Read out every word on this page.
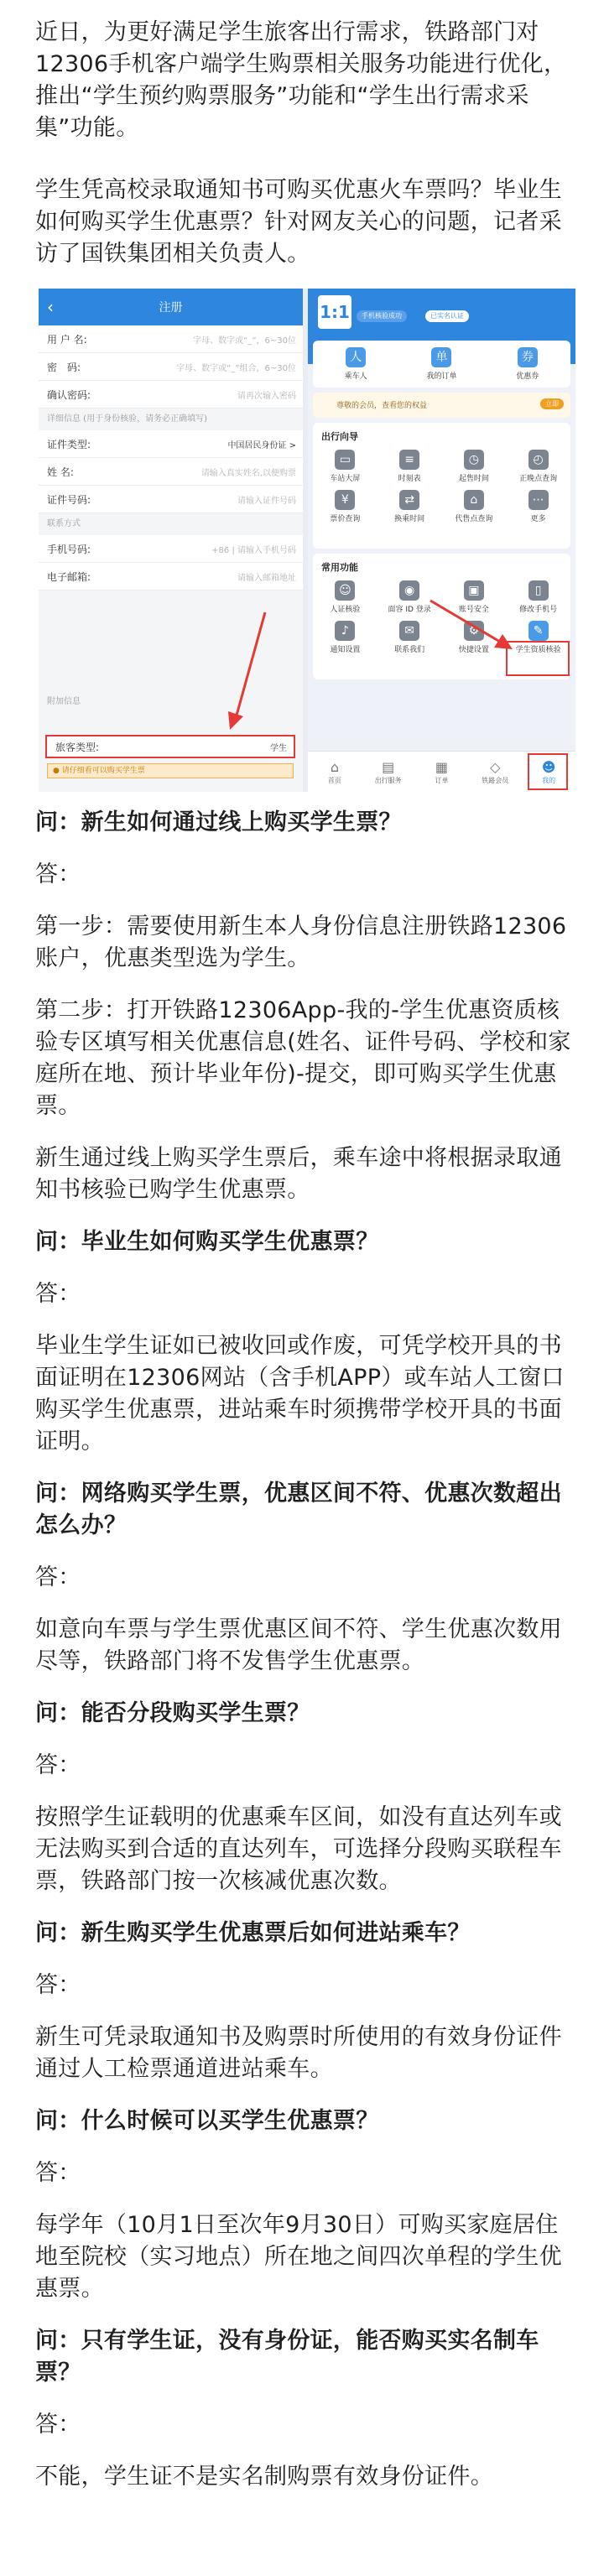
近日，为更好满足学生旅客出行需求，铁路部门对12306手机客户端学生购票相关服务功能进行优化，推出“学生预约购票服务”功能和“学生出行需求采集”功能。

学生凭高校录取通知书可购买优惠火车票吗？毕业生如何购买学生优惠票？针对网友关心的问题，记者采访了国铁集团相关负责人。

‹	注册
用 户 名:	字母、数字或“_”，6~30位
密　码:	字母、数字或“_”组合，6~30位
确认密码:	请再次输入密码
详细信息 (用于身份核验，请务必正确填写)
证件类型:	中国居民身份证 >
姓 名:	请输入真实姓名,以便购票
证件号码:	请输入证件号码
联系方式
手机号码:	+86 | 请输入手机号码
电子邮箱:	请输入邮箱地址
附加信息
旅客类型:	学生
● 请仔细看可以购买学生票
1:1	手机核验成功	已实名认证
人
乘车人
单
我的订单
券
优惠券
尊敬的会员，查看您的权益	立即
出行向导
▭
车站大屏
≡
时刻表
◷
起售时间
◴
正晚点查询
¥
票价查询
⇄
换乘时间
⌂
代售点查询
⋯
更多
常用功能
☺
人证核验
◉
面容 ID 登录
▣
账号安全
▯
修改手机号
♪
通知设置
✉
联系我们
⚙
快捷设置
✎
学生资质核验
⌂
首页
▤
出行服务
▦
订单
◇
铁路会员
☻
我的

问：新生如何通过线上购买学生票？

答：

第一步：需要使用新生本人身份信息注册铁路12306账户，优惠类型选为学生。

第二步：打开铁路12306App-我的-学生优惠资质核验专区填写相关优惠信息(姓名、证件号码、学校和家庭所在地、预计毕业年份)-提交，即可购买学生优惠票。

新生通过线上购买学生票后，乘车途中将根据录取通知书核验已购学生优惠票。

问：毕业生如何购买学生优惠票？

答：

毕业生学生证如已被收回或作废，可凭学校开具的书面证明在12306网站（含手机APP）或车站人工窗口购买学生优惠票，进站乘车时须携带学校开具的书面证明。

问：网络购买学生票，优惠区间不符、优惠次数超出怎么办？

答：

如意向车票与学生票优惠区间不符、学生优惠次数用尽等，铁路部门将不发售学生优惠票。

问：能否分段购买学生票？

答：

按照学生证载明的优惠乘车区间，如没有直达列车或无法购买到合适的直达列车，可选择分段购买联程车票，铁路部门按一次核减优惠次数。

问：新生购买学生优惠票后如何进站乘车？

答：

新生可凭录取通知书及购票时所使用的有效身份证件通过人工检票通道进站乘车。

问：什么时候可以买学生优惠票？

答：

每学年（10月1日至次年9月30日）可购买家庭居住地至院校（实习地点）所在地之间四次单程的学生优惠票。

问：只有学生证，没有身份证，能否购买实名制车票？

答：

不能，学生证不是实名制购票有效身份证件。
